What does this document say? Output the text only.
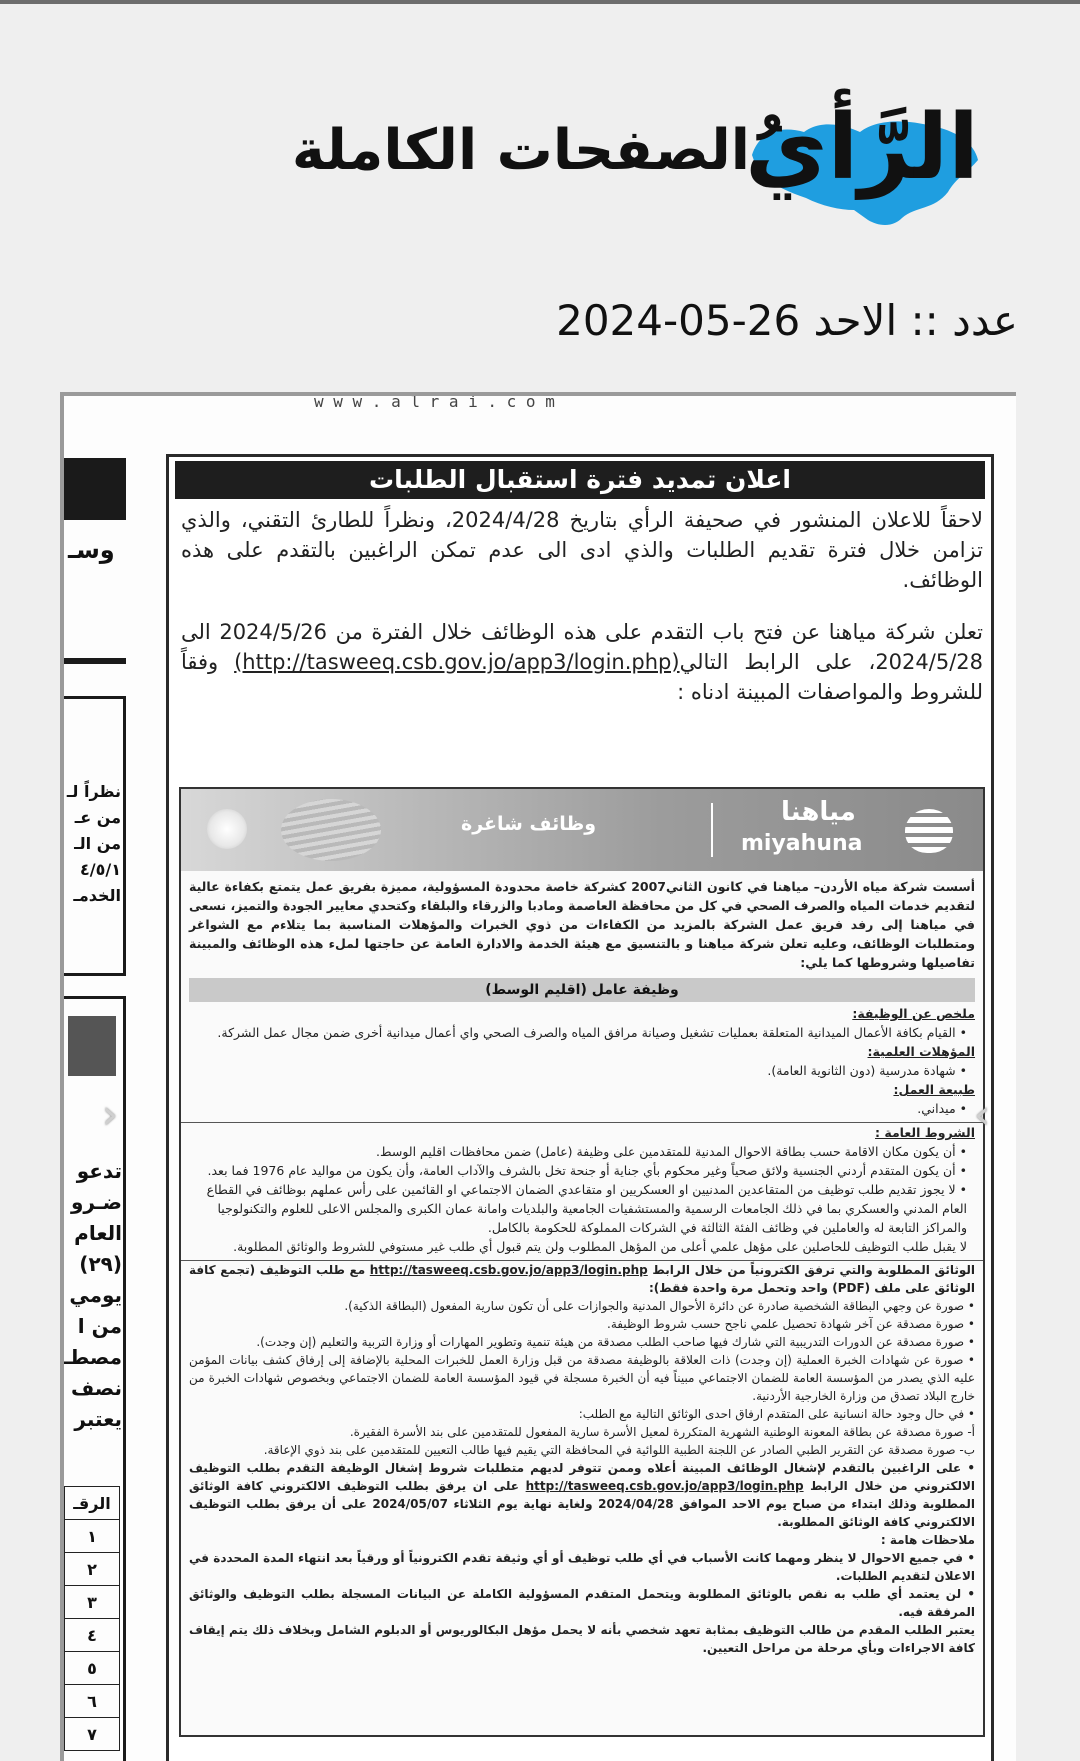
الرَّأيُ
الصفحات الكاملة
عدد :: الاحد 2024-05-26
w w w . a l r a i . c o m
وسـ
نظراً لـ
من عـ
من الـ
٤/٥/١
الخدمـ
تدعو
ضـرو
العام
(٢٩)
يومي
من ا
مصطـ
نصف
يعتبر
الرقـ
١
٢
٣
٤
٥
٦
٧
اعلان تمديد فترة استقبال الطلبات

لاحقاً للاعلان المنشور في صحيفة الرأي بتاريخ 2024/4/28، ونظراً للطارئ التقني، والذي تزامن خلال فترة تقديم الطلبات والذي ادى الى عدم تمكن الراغبين بالتقدم على هذه الوظائف.

تعلن شركة مياهنا عن فتح باب التقدم على هذه الوظائف خلال الفترة من 2024/5/26 الى 2024/5/28، على الرابط التالي(http://tasweeq.csb.gov.jo/app3/login.php) وفقاً للشروط والمواصفات المبينة ادناه :

وظائف شاغرة	مياهنا
miyahuna

أسست شركة مياه الأردن– مياهنا في كانون الثاني2007 كشركة خاصة محدودة المسؤولية، مميزة بفريق عمل يتمتع بكفاءة عالية لتقديم خدمات المياه والصرف الصحي في كل من محافظة العاصمة ومادبا والزرقاء والبلقاء وكتحدي معايير الجودة والتميز، نسعى في مياهنا إلى رفد فريق عمل الشركة بالمزيد من الكفاءات من ذوي الخبرات والمؤهلات المناسبة بما يتلاءم مع الشواغر ومتطلبات الوظائف، وعليه تعلن شركة مياهنا و بالتنسيق مع هيئة الخدمة والادارة العامة عن حاجتها لملء هذه الوظائف والمبينة تفاصيلها وشروطها كما يلي:

وظيفة عامل (اقليم الوسط)
ملخص عن الوظيفة:
• القيام بكافة الأعمال الميدانية المتعلقة بعمليات تشغيل وصيانة مرافق المياه والصرف الصحي واي أعمال ميدانية أخرى ضمن مجال عمل الشركة.
المؤهلات العلمية:
• شهادة مدرسية (دون الثانوية العامة).
طبيعة العمل:
• ميداني.
الشروط العامة :
• أن يكون مكان الاقامة حسب بطاقة الاحوال المدنية للمتقدمين على وظيفة (عامل) ضمن محافظات اقليم الوسط.
• أن يكون المتقدم أردني الجنسية ولائق صحياً وغير محكوم بأي جناية أو جنحة تخل بالشرف والآداب العامة، وأن يكون من مواليد عام 1976 فما بعد.
• لا يجوز تقديم طلب توظيف من المتقاعدين المدنيين او العسكريين او متقاعدي الضمان الاجتماعي او القائمين على رأس عملهم بوظائف في القطاع العام المدني والعسكري بما في ذلك الجامعات الرسمية والمستشفيات الجامعية والبلديات وامانة عمان الكبرى والمجلس الاعلى للعلوم والتكنولوجيا والمراكز التابعة له والعاملين في وظائف الفئة الثالثة في الشركات المملوكة للحكومة بالكامل.
لا يقبل طلب التوظيف للحاصلين على مؤهل علمي أعلى من المؤهل المطلوب ولن يتم قبول أي طلب غير مستوفي للشروط والوثائق المطلوبة.
الوثائق المطلوبة والتي ترفق الكترونياً من خلال الرابط http://tasweeq.csb.gov.jo/app3/login.php مع طلب التوظيف (تجمع كافة الوثائق على ملف (PDF) واحد وتحمل مرة واحدة فقط):
• صورة عن وجهي البطاقة الشخصية صادرة عن دائرة الأحوال المدنية والجوازات على أن تكون سارية المفعول (البطاقة الذكية).
• صورة مصدقة عن آخر شهادة تحصيل علمي ناجح حسب شروط الوظيفة.
• صورة مصدقة عن الدورات التدريبية التي شارك فيها صاحب الطلب مصدقة من هيئة تنمية وتطوير المهارات أو وزارة التربية والتعليم (إن وجدت).
• صورة عن شهادات الخبرة العملية (إن وجدت) ذات العلاقة بالوظيفة مصدقة من قبل وزارة العمل للخبرات المحلية بالإضافة إلى إرفاق كشف بيانات المؤمن عليه الذي يصدر من المؤسسة العامة للضمان الاجتماعي مبيناً فيه أن الخبرة مسجلة في قيود المؤسسة العامة للضمان الاجتماعي وبخصوص شهادات الخبرة من خارج البلاد تصدق من وزارة الخارجية الأردنية.
• في حال وجود حالة انسانية على المتقدم ارفاق احدى الوثائق التالية مع الطلب:
أ- صورة مصدقة عن بطاقة المعونة الوطنية الشهرية المتكررة لمعيل الأسرة سارية المفعول للمتقدمين على بند الأسرة الفقيرة.
ب- صورة مصدقة عن التقرير الطبي الصادر عن اللجنة الطبية اللوائية في المحافظة التي يقيم فيها طالب التعيين للمتقدمين على بند ذوي الإعاقة.
• على الراغبين بالتقدم لإشغال الوظائف المبينة أعلاه وممن تتوفر لديهم متطلبات شروط إشغال الوظيفة التقدم بطلب التوظيف الالكتروني من خلال الرابط http://tasweeq.csb.gov.jo/app3/login.php على ان يرفق بطلب التوظيف الالكتروني كافة الوثائق المطلوبة وذلك ابتداء من صباح يوم الاحد الموافق 2024/04/28 ولغاية نهاية يوم الثلاثاء 2024/05/07 على أن يرفق بطلب التوظيف الالكتروني كافة الوثائق المطلوبة.
ملاحظات هامة :
• في جميع الاحوال لا ينظر ومهما كانت الأسباب في أي طلب توظيف أو أي وثيقة تقدم الكترونياً أو ورقياً بعد انتهاء المدة المحددة في الاعلان لتقديم الطلبات.
• لن يعتمد أي طلب به نقص بالوثائق المطلوبة ويتحمل المتقدم المسؤولية الكاملة عن البيانات المسجلة بطلب التوظيف والوثائق المرفقة فيه.
يعتبر الطلب المقدم من طالب التوظيف بمثابة تعهد شخصي بأنه لا يحمل مؤهل البكالوريوس أو الدبلوم الشامل وبخلاف ذلك يتم إيقاف كافة الاجراءات وبأي مرحلة من مراحل التعيين.
‹	›
